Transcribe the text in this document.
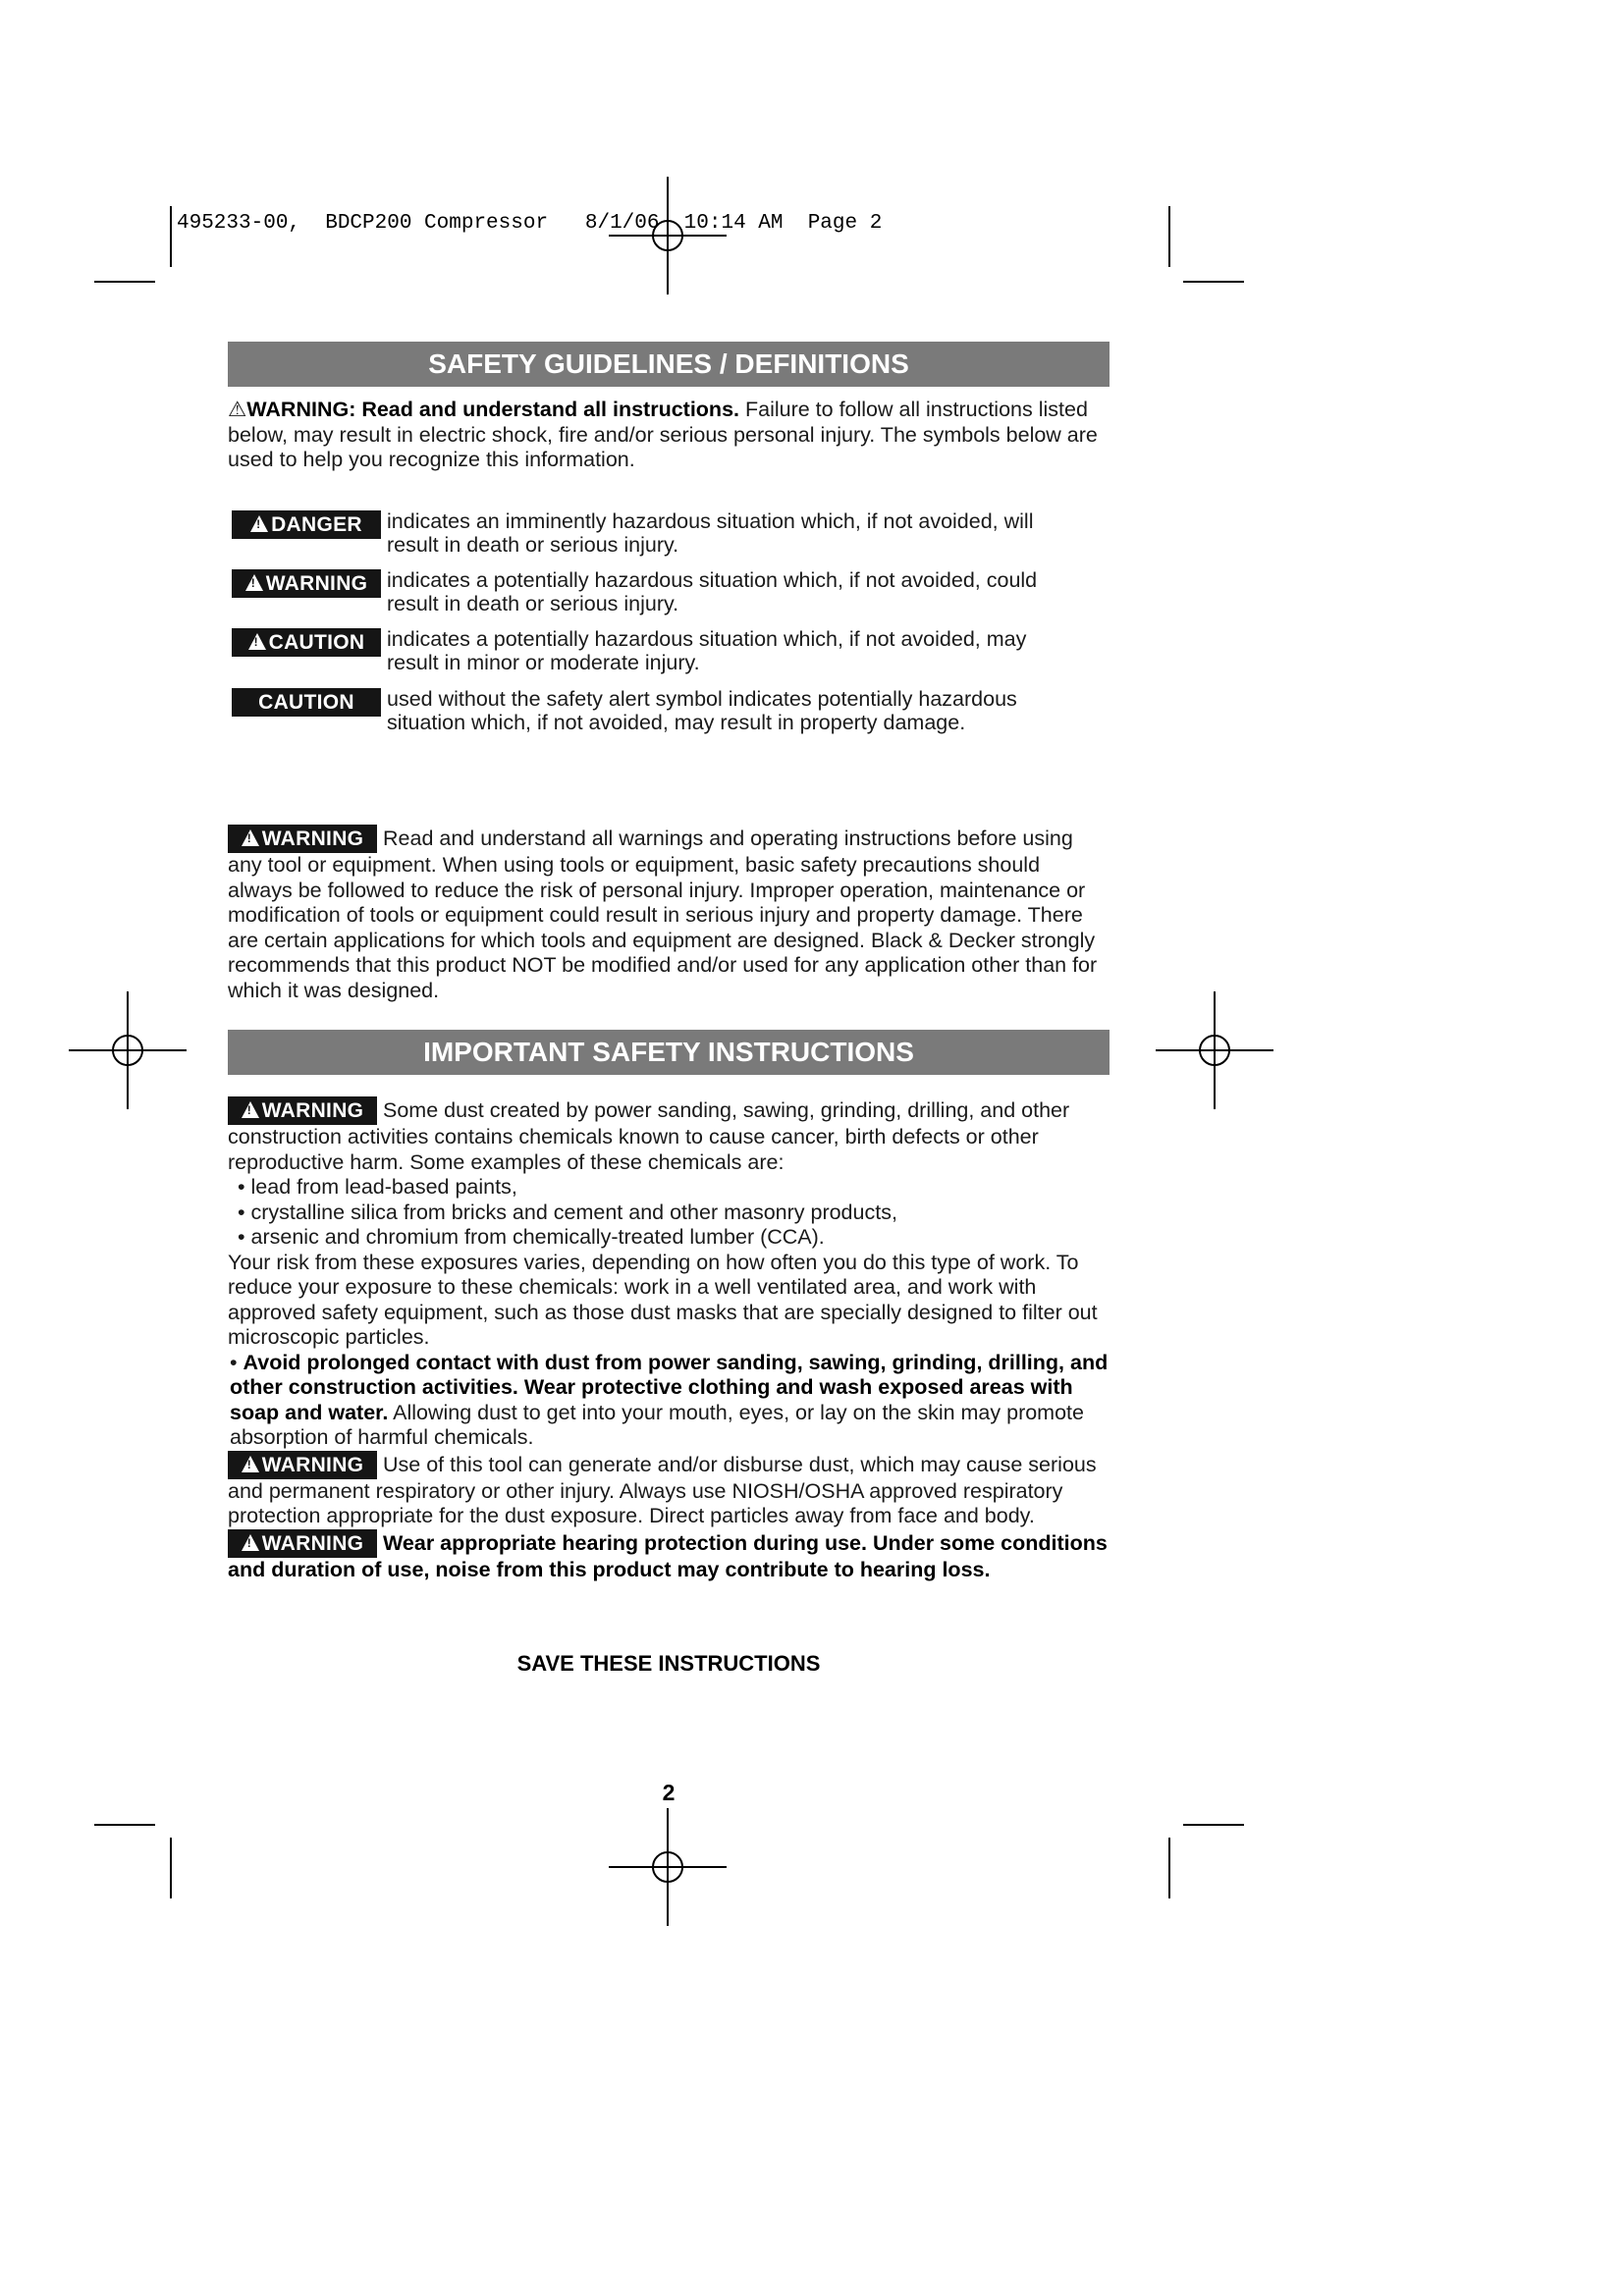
495233-00,  BDCP200 Compressor   8/1/06  10:14 AM  Page 2
SAFETY GUIDELINES / DEFINITIONS
⚠WARNING: Read and understand all instructions. Failure to follow all instructions listed below, may result in electric shock, fire and/or serious personal injury. The symbols below are used to help you recognize this information.
!DANGER	indicates an imminently hazardous situation which, if not avoided, will result in death or serious injury.
!WARNING indicates a potentially hazardous situation which, if not avoided, could result in death or serious injury.
!CAUTION	indicates a potentially hazardous situation which, if not avoided, may result in minor or moderate injury.
CAUTION	used without the safety alert symbol indicates potentially hazardous situation which, if not avoided, may result in property damage.
!WARNING Read and understand all warnings and operating instructions before using any tool or equipment. When using tools or equipment, basic safety precautions should always be followed to reduce the risk of personal injury. Improper operation, maintenance or modification of tools or equipment could result in serious injury and property damage. There are certain applications for which tools and equipment are designed. Black & Decker strongly recommends that this product NOT be modified and/or used for any application other than for which it was designed.
IMPORTANT SAFETY INSTRUCTIONS
!WARNING Some dust created by power sanding, sawing, grinding, drilling, and other construction activities contains chemicals known to cause cancer, birth defects or other reproductive harm. Some examples of these chemicals are:
• lead from lead-based paints,
• crystalline silica from bricks and cement and other masonry products,
• arsenic and chromium from chemically-treated lumber (CCA).
Your risk from these exposures varies, depending on how often you do this type of work. To reduce your exposure to these chemicals: work in a well ventilated area, and work with approved safety equipment, such as those dust masks that are specially designed to filter out microscopic particles.
• Avoid prolonged contact with dust from power sanding, sawing, grinding, drilling, and other construction activities. Wear protective clothing and wash exposed areas with soap and water. Allowing dust to get into your mouth, eyes, or lay on the skin may promote absorption of harmful chemicals.
!WARNING Use of this tool can generate and/or disburse dust, which may cause serious and permanent respiratory or other injury. Always use NIOSH/OSHA approved respiratory protection appropriate for the dust exposure. Direct particles away from face and body.
!WARNING Wear appropriate hearing protection during use. Under some conditions and duration of use, noise from this product may contribute to hearing loss.
SAVE THESE INSTRUCTIONS
2
